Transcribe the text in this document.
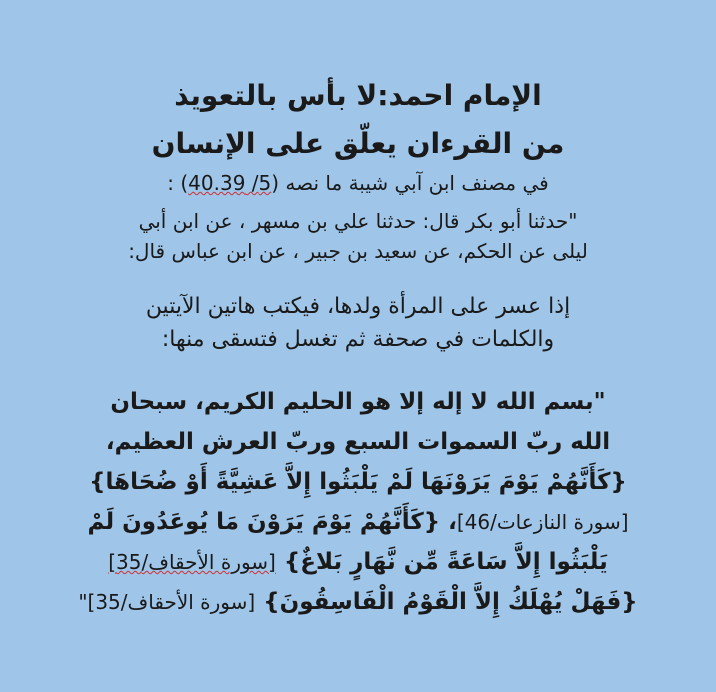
الإمام احمد:لا بأس بالتعويذ
من القرءان يعلّق على الإنسان

في مصنف ابن آبي شيبة ما نصه (5/ 40.39) :

"حدثنا أبو بكر قال: حدثنا علي بن مسهر ، عن ابن أبي
ليلى عن الحكم، عن سعيد بن جبير ، عن ابن عباس قال:

إذا عسر على المرأة ولدها، فيكتب هاتين الآيتين
والكلمات في صحفة ثم تغسل فتسقى منها:

"بسم الله لا إله إلا هو الحليم الكريم، سبحان
الله ربّ السموات السبع وربّ العرش العظيم،
{كَأَنَّهُمْ يَوْمَ يَرَوْنَهَا لَمْ يَلْبَثُوا إِلاَّ عَشِيَّةً أَوْ ضُحَاهَا}
[سورة النازعات/46]، {كَأَنَّهُمْ يَوْمَ يَرَوْنَ مَا يُوعَدُونَ لَمْ
يَلْبَثُوا إِلاَّ سَاعَةً مِّن نَّهَارٍ بَلاغٌ} [سورة الأحقاف/35]
{فَهَلْ يُهْلَكُ إِلاَّ الْقَوْمُ الْفَاسِقُونَ} [سورة الأحقاف/35]"
